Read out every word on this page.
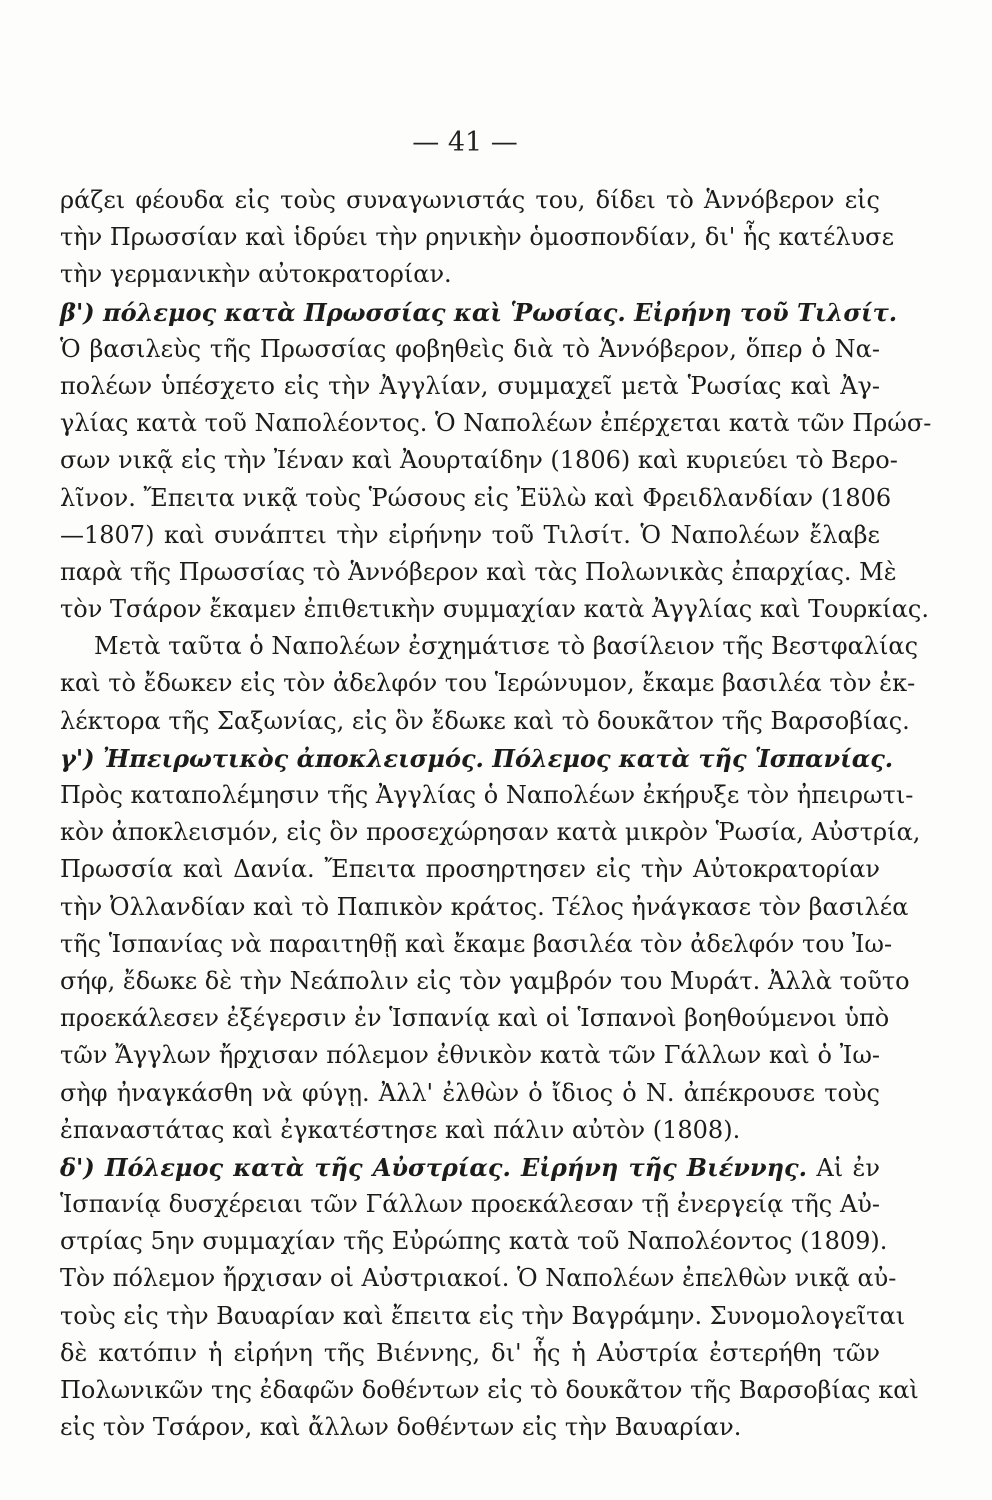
— 41 —
ράζει φέουδα εἰς τοὺς συναγωνιστάς του, δίδει τὸ Ἁννόβερον εἰς
τὴν Πρωσσίαν καὶ ἱδρύει τὴν ρηνικὴν ὁμοσπονδίαν, δι' ἧς κατέλυσε
τὴν γερμανικὴν αὐτοκρατορίαν.
β') πόλεμος κατὰ Πρωσσίας καὶ Ῥωσίας. Εἰρήνη τοῦ Τιλσίτ.
Ὁ βασιλεὺς τῆς Πρωσσίας φοβηθεὶς διὰ τὸ Ἁννόβερον, ὅπερ ὁ Να-
πολέων ὑπέσχετο εἰς τὴν Ἀγγλίαν, συμμαχεῖ μετὰ Ῥωσίας καὶ Ἀγ-
γλίας κατὰ τοῦ Ναπολέοντος. Ὁ Ναπολέων ἐπέρχεται κατὰ τῶν Πρώσ-
σων νικᾷ εἰς τὴν Ἰέναν καὶ Ἀουρταίδην (1806) καὶ κυριεύει τὸ Βερο-
λῖνον. Ἔπειτα νικᾷ τοὺς Ῥώσους εἰς Ἐϋλὼ καὶ Φρειδλανδίαν (1806
—1807) καὶ συνάπτει τὴν εἰρήνην τοῦ Τιλσίτ. Ὁ Ναπολέων ἔλαβε
παρὰ τῆς Πρωσσίας τὸ Ἁννόβερον καὶ τὰς Πολωνικὰς ἐπαρχίας. Μὲ
τὸν Τσάρον ἔκαμεν ἐπιθετικὴν συμμαχίαν κατὰ Ἀγγλίας καὶ Τουρκίας.
Μετὰ ταῦτα ὁ Ναπολέων ἐσχημάτισε τὸ βασίλειον τῆς Βεστφαλίας
καὶ τὸ ἔδωκεν εἰς τὸν ἀδελφόν του Ἱερώνυμον, ἔκαμε βασιλέα τὸν ἐκ-
λέκτορα τῆς Σαξωνίας, εἰς ὃν ἔδωκε καὶ τὸ δουκᾶτον τῆς Βαρσοβίας.
γ') Ἠπειρωτικὸς ἀποκλεισμός. Πόλεμος κατὰ τῆς Ἱσπανίας.
Πρὸς καταπολέμησιν τῆς Ἀγγλίας ὁ Ναπολέων ἐκήρυξε τὸν ἠπειρωτι-
κὸν ἀποκλεισμόν, εἰς ὃν προσεχώρησαν κατὰ μικρὸν Ῥωσία, Αὐστρία,
Πρωσσία καὶ Δανία. Ἔπειτα προσηρτησεν εἰς τὴν Αὐτοκρατορίαν
τὴν Ὀλλανδίαν καὶ τὸ Παπικὸν κράτος. Τέλος ἠνάγκασε τὸν βασιλέα
τῆς Ἱσπανίας νὰ παραιτηθῇ καὶ ἔκαμε βασιλέα τὸν ἀδελφόν του Ἰω-
σήφ, ἔδωκε δὲ τὴν Νεάπολιν εἰς τὸν γαμβρόν του Μυράτ. Ἀλλὰ τοῦτο
προεκάλεσεν ἐξέγερσιν ἐν Ἱσπανίᾳ καὶ οἱ Ἱσπανοὶ βοηθούμενοι ὑπὸ
τῶν Ἄγγλων ἤρχισαν πόλεμον ἐθνικὸν κατὰ τῶν Γάλλων καὶ ὁ Ἰω-
σὴφ ἠναγκάσθη νὰ φύγῃ. Ἀλλ' ἐλθὼν ὁ ἴδιος ὁ Ν. ἀπέκρουσε τοὺς
ἐπαναστάτας καὶ ἐγκατέστησε καὶ πάλιν αὐτὸν (1808).
δ') Πόλεμος κατὰ τῆς Αὐστρίας. Εἰρήνη τῆς Βιέννης. Αἱ ἐν
Ἱσπανίᾳ δυσχέρειαι τῶν Γάλλων προεκάλεσαν τῇ ἐνεργείᾳ τῆς Αὐ-
στρίας 5ην συμμαχίαν τῆς Εὐρώπης κατὰ τοῦ Ναπολέοντος (1809).
Τὸν πόλεμον ἤρχισαν οἱ Αὐστριακοί. Ὁ Ναπολέων ἐπελθὼν νικᾷ αὐ-
τοὺς εἰς τὴν Βαυαρίαν καὶ ἔπειτα εἰς τὴν Βαγράμην. Συνομολογεῖται
δὲ κατόπιν ἡ εἰρήνη τῆς Βιέννης, δι' ἧς ἡ Αὐστρία ἐστερήθη τῶν
Πολωνικῶν της ἐδαφῶν δοθέντων εἰς τὸ δουκᾶτον τῆς Βαρσοβίας καὶ
εἰς τὸν Τσάρον, καὶ ἄλλων δοθέντων εἰς τὴν Βαυαρίαν.
